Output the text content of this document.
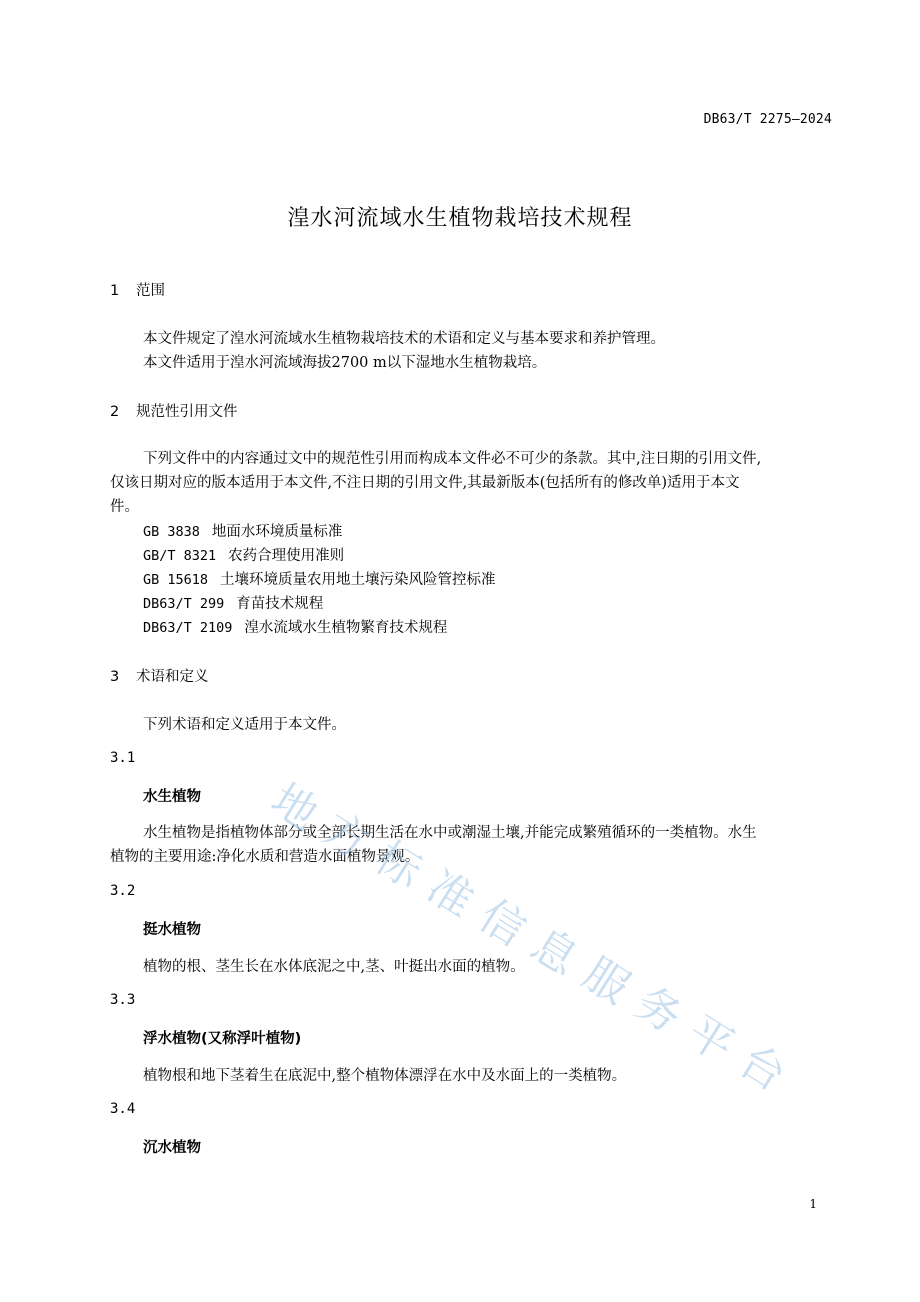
DB63/T 2275—2024
湟水河流域水生植物栽培技术规程
1 范围
本文件规定了湟水河流域水生植物栽培技术的术语和定义与基本要求和养护管理。
本文件适用于湟水河流域海拔2700 m以下湿地水生植物栽培。
2 规范性引用文件
下列文件中的内容通过文中的规范性引用而构成本文件必不可少的条款。其中,注日期的引用文件,
仅该日期对应的版本适用于本文件,不注日期的引用文件,其最新版本(包括所有的修改单)适用于本文
件。
GB 3838 地面水环境质量标准
GB/T 8321 农药合理使用准则
GB 15618 土壤环境质量农用地土壤污染风险管控标准
DB63/T 299 育苗技术规程
DB63/T 2109 湟水流域水生植物繁育技术规程
3 术语和定义
下列术语和定义适用于本文件。
3.1
水生植物
水生植物是指植物体部分或全部长期生活在水中或潮湿土壤,并能完成繁殖循环的一类植物。水生
植物的主要用途:净化水质和营造水面植物景观。
3.2
挺水植物
植物的根、茎生长在水体底泥之中,茎、叶挺出水面的植物。
3.3
浮水植物(又称浮叶植物)
植物根和地下茎着生在底泥中,整个植物体漂浮在水中及水面上的一类植物。
3.4
沉水植物
1
地
方
标
准
信
息
服
务
平
台
